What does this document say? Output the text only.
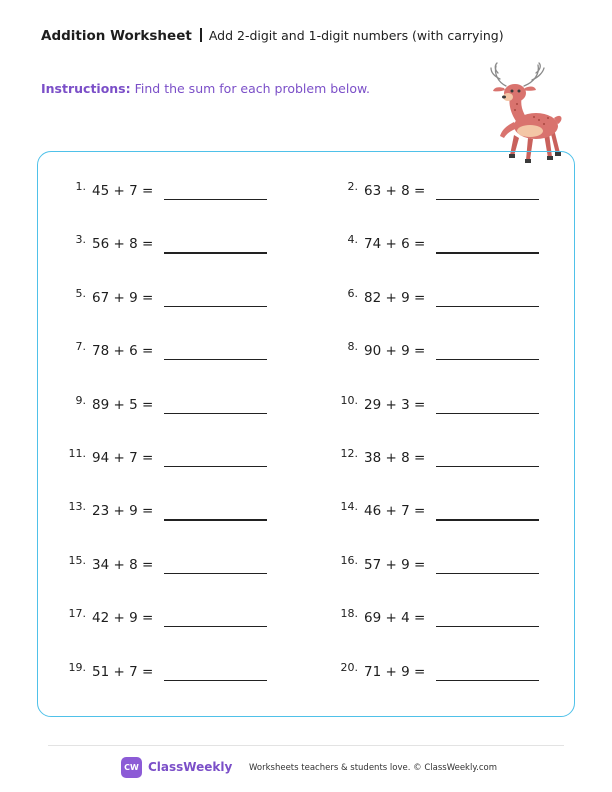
Addition Worksheet Add 2-digit and 1-digit numbers (with carrying)
Instructions: Find the sum for each problem below.
1. 45 + 7 =	2. 63 + 8 =
3. 56 + 8 =	4. 74 + 6 =
5. 67 + 9 =	6. 82 + 9 =
7. 78 + 6 =	8. 90 + 9 =
9. 89 + 5 =	10. 29 + 3 =
11. 94 + 7 =	12. 38 + 8 =
13. 23 + 9 =	14. 46 + 7 =
15. 34 + 8 =	16. 57 + 9 =
17. 42 + 9 =	18. 69 + 4 =
19. 51 + 7 =	20. 71 + 9 =
CW ClassWeekly Worksheets teachers & students love. © ClassWeekly.com
